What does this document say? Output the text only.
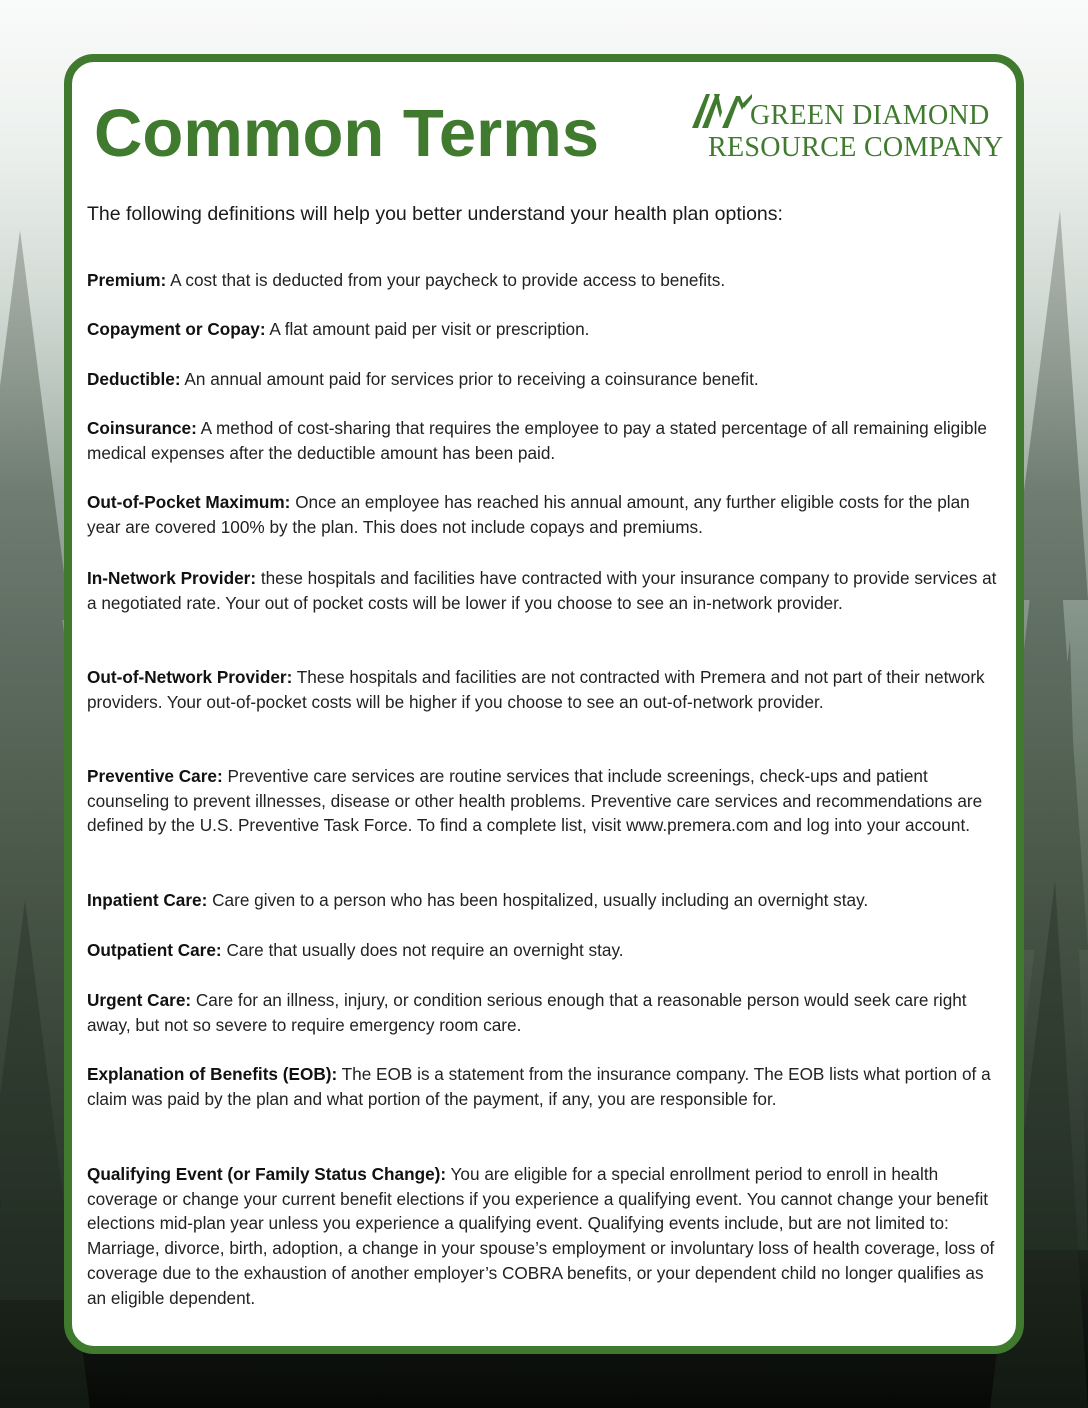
Common Terms	GREEN DIAMOND
RESOURCE COMPANY

The following definitions will help you better understand your health plan options:

Premium: A cost that is deducted from your paycheck to provide access to benefits.

Copayment or Copay: A flat amount paid per visit or prescription.

Deductible: An annual amount paid for services prior to receiving a coinsurance benefit.

Coinsurance: A method of cost-sharing that requires the employee to pay a stated percentage of all remaining eligible medical expenses after the deductible amount has been paid.

Out-of-Pocket Maximum: Once an employee has reached his annual amount, any further eligible costs for the plan year are covered 100% by the plan. This does not include copays and premiums.

In-Network Provider: these hospitals and facilities have contracted with your insurance company to provide services at a negotiated rate. Your out of pocket costs will be lower if you choose to see an in-network provider.

Out-of-Network Provider: These hospitals and facilities are not contracted with Premera and not part of their network providers. Your out-of-pocket costs will be higher if you choose to see an out-of-network provider.

Preventive Care: Preventive care services are routine services that include screenings, check-ups and patient counseling to prevent illnesses, disease or other health problems. Preventive care services and recommendations are defined by the U.S. Preventive Task Force. To find a complete list, visit www.premera.com and log into your account.

Inpatient Care: Care given to a person who has been hospitalized, usually including an overnight stay.

Outpatient Care: Care that usually does not require an overnight stay.

Urgent Care: Care for an illness, injury, or condition serious enough that a reasonable person would seek care right away, but not so severe to require emergency room care.

Explanation of Benefits (EOB): The EOB is a statement from the insurance company. The EOB lists what portion of a claim was paid by the plan and what portion of the payment, if any, you are responsible for.

Qualifying Event (or Family Status Change): You are eligible for a special enrollment period to enroll in health coverage or change your current benefit elections if you experience a qualifying event. You cannot change your benefit elections mid-plan year unless you experience a qualifying event. Qualifying events include, but are not limited to: Marriage, divorce, birth, adoption, a change in your spouse’s employment or involuntary loss of health coverage, loss of coverage due to the exhaustion of another employer’s COBRA benefits, or your dependent child no longer qualifies as an eligible dependent.
